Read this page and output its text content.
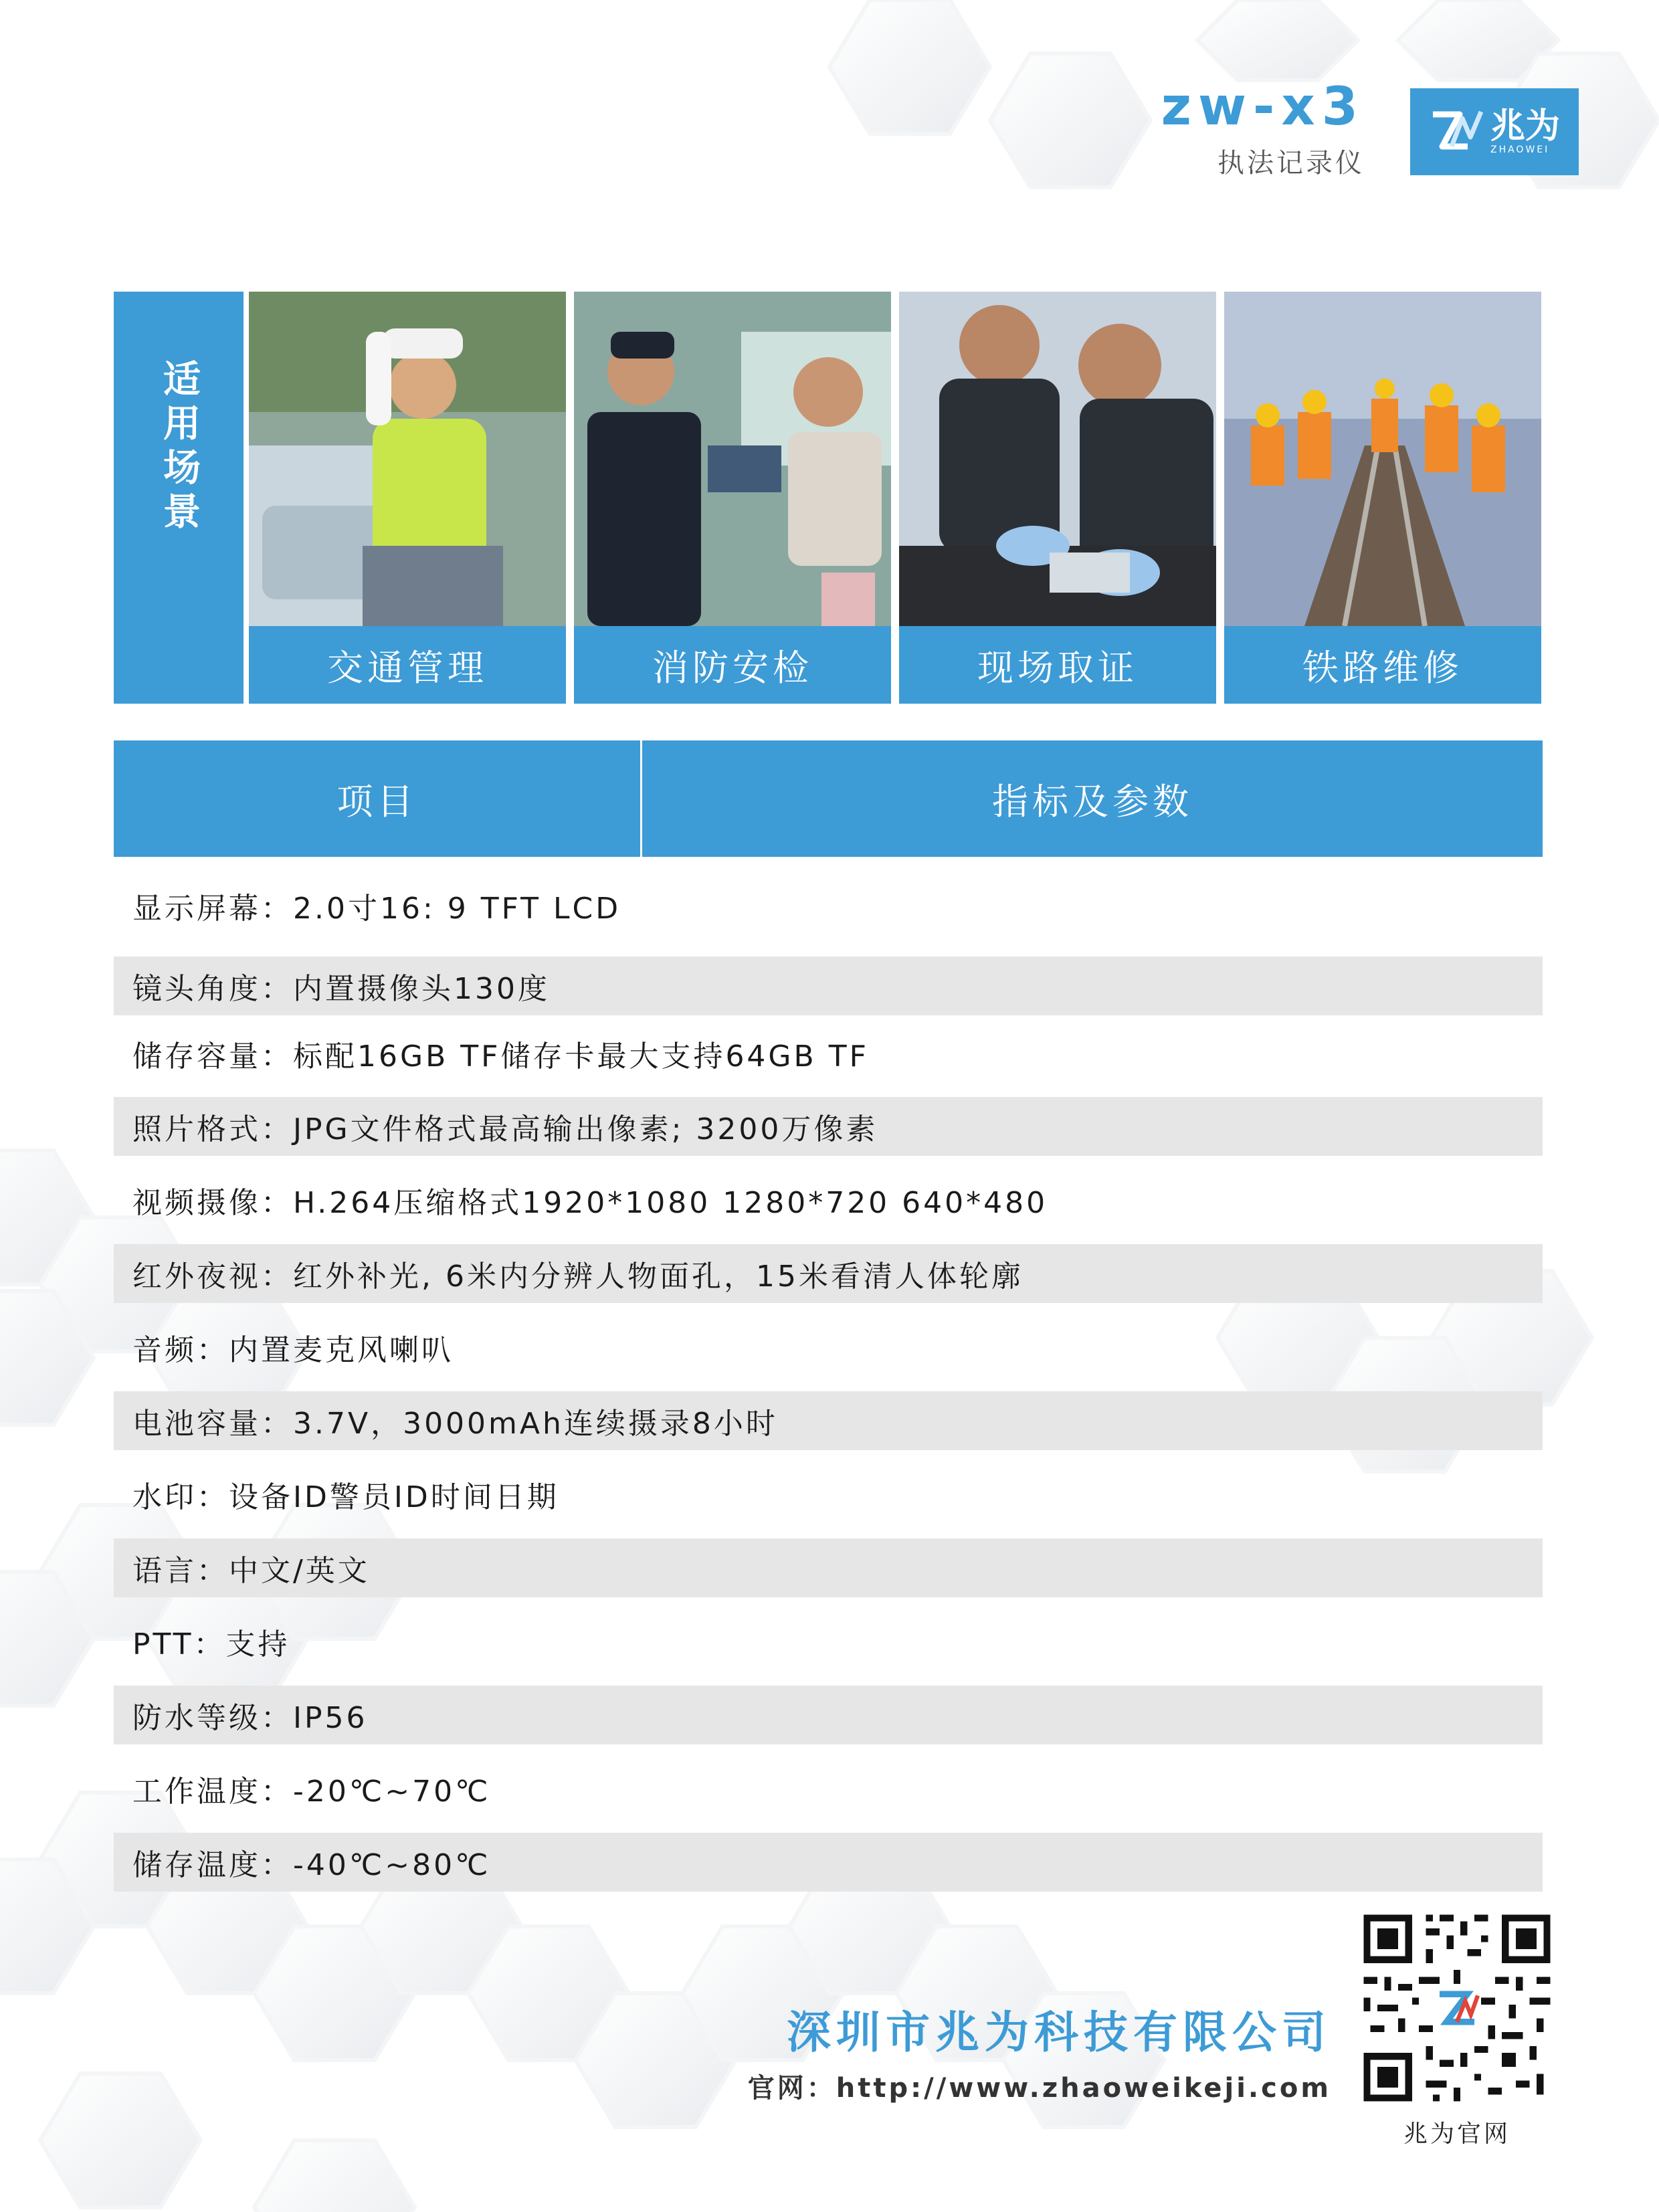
zw-x3
执法记录仪
兆为
ZHAOWEI
适用场景
交通管理	消防安检	现场取证	铁路维修
项目	指标及参数
显示屏幕：2.0寸16: 9 TFT LCD
镜头角度：内置摄像头130度
储存容量：标配16GB TF储存卡最大支持64GB TF
照片格式：JPG文件格式最高输出像素; 3200万像素
视频摄像：H.264压缩格式1920*1080 1280*720 640*480
红外夜视：红外补光, 6米内分辨人物面孔，15米看清人体轮廓
音频：内置麦克风喇叭
电池容量：3.7V，3000mAh连续摄录8小时
水印：设备ID警员ID时间日期
语言：中文/英文
PTT：支持
防水等级：IP56
工作温度：-20℃~70℃
储存温度：-40℃~80℃
深圳市兆为科技有限公司
官网：http://www.zhaoweikeji.com
兆为官网
